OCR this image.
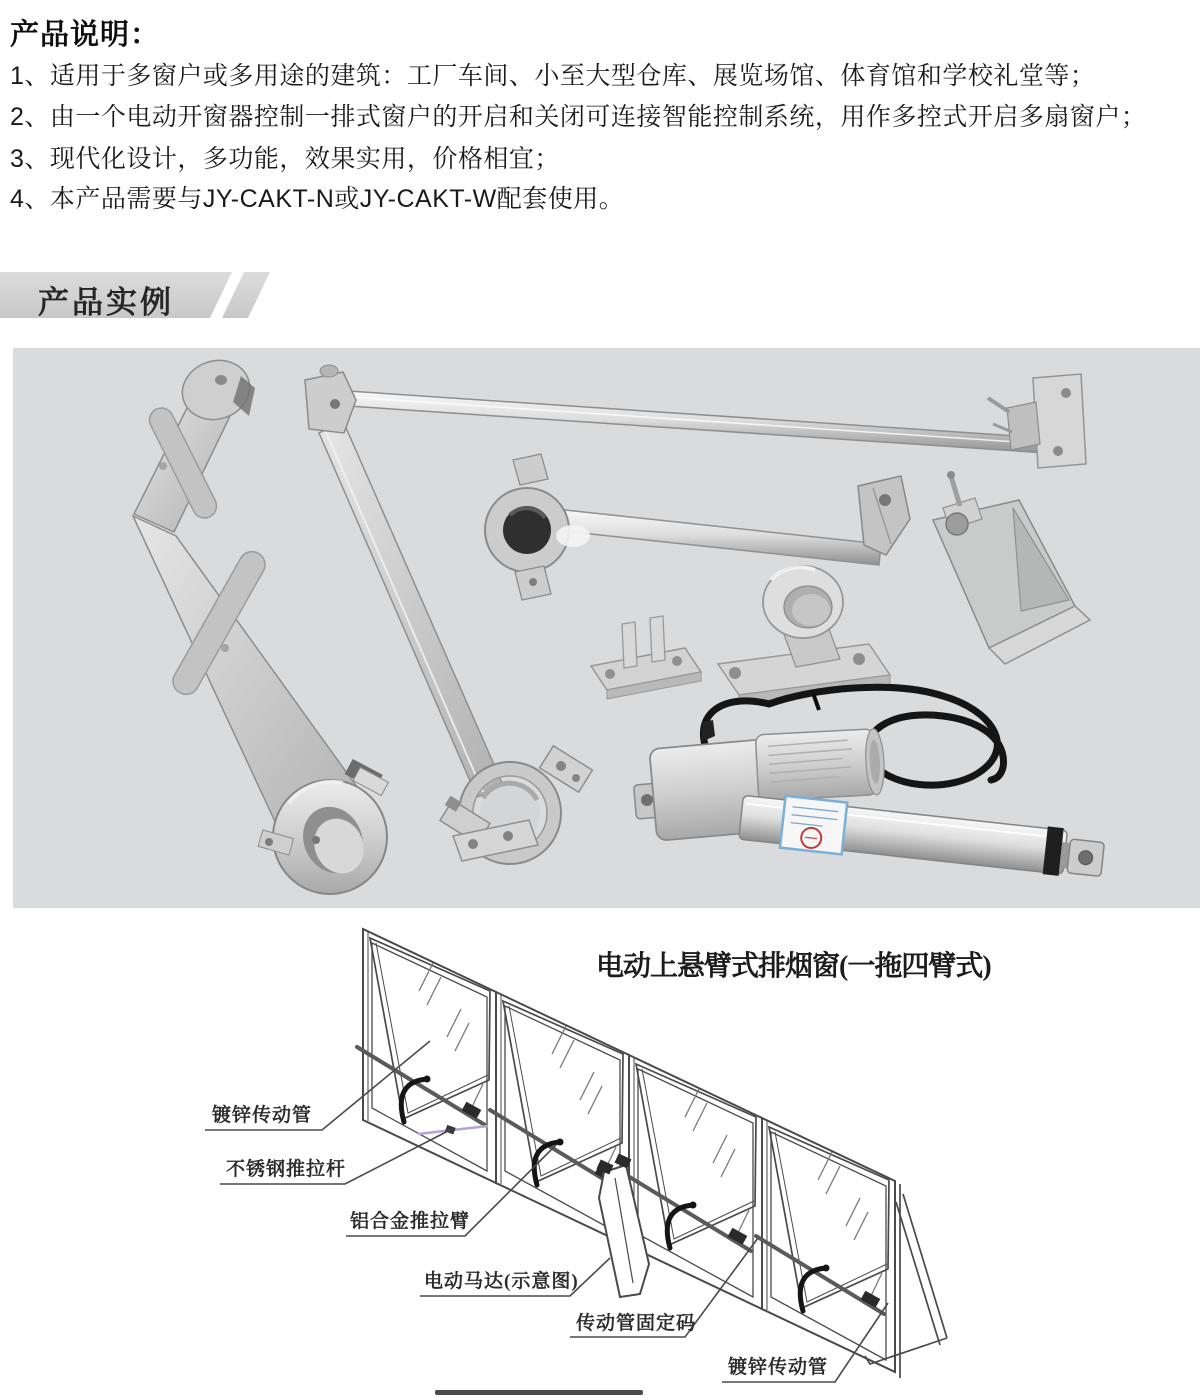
产品说明：
1、适用于多窗户或多用途的建筑：工厂车间、小至大型仓库、展览场馆、体育馆和学校礼堂等；
2、由一个电动开窗器控制一排式窗户的开启和关闭可连接智能控制系统，用作多控式开启多扇窗户；
3、现代化设计，多功能，效果实用，价格相宜；
4、本产品需要与JY-CAKT-N或JY-CAKT-W配套使用。
产品实例
电动上悬臂式排烟窗(一拖四臂式)
镀锌传动管
不锈钢推拉杆
铝合金推拉臂
电动马达(示意图)
传动管固定码
镀锌传动管
